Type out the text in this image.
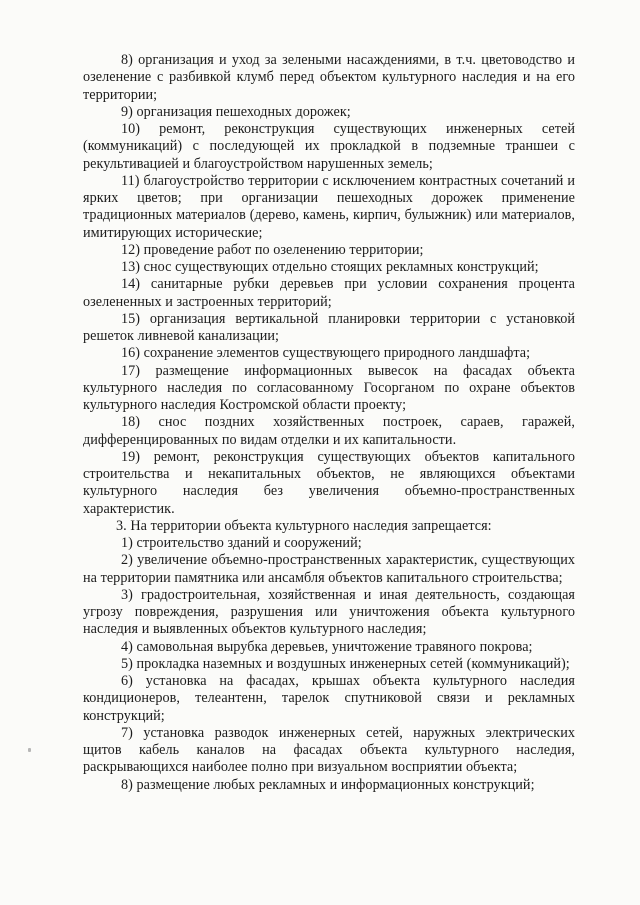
8) организация и уход за зелеными насаждениями, в т.ч. цветоводство и озеленение с разбивкой клумб перед объектом культурного наследия и на его территории;

9) организация пешеходных дорожек;

10) ремонт, реконструкция существующих инженерных сетей (коммуникаций) с последующей их прокладкой в подземные траншеи с рекультивацией и благоустройством нарушенных земель;

11) благоустройство территории с исключением контрастных сочетаний и ярких цветов; при организации пешеходных дорожек применение традиционных материалов (дерево, камень, кирпич, булыжник) или материалов, имитирующих исторические;

12) проведение работ по озеленению территории;

13) снос существующих отдельно стоящих рекламных конструкций;

14) санитарные рубки деревьев при условии сохранения процента озелененных и застроенных территорий;

15) организация вертикальной планировки территории с установкой решеток ливневой канализации;

16) сохранение элементов существующего природного ландшафта;

17) размещение информационных вывесок на фасадах объекта культурного наследия по согласованному Госорганом по охране объектов культурного наследия Костромской области проекту;

18) снос поздних хозяйственных построек, сараев, гаражей, дифференцированных по видам отделки и их капитальности.

19) ремонт, реконструкция существующих объектов капитального строительства и некапитальных объектов, не являющихся объектами культурного наследия без увеличения объемно-пространственных характеристик.

3. На территории объекта культурного наследия запрещается:

1) строительство зданий и сооружений;

2) увеличение объемно-пространственных характеристик, существующих на территории памятника или ансамбля объектов капитального строительства;

3) градостроительная, хозяйственная и иная деятельность, создающая угрозу повреждения, разрушения или уничтожения объекта культурного наследия и выявленных объектов культурного наследия;

4) самовольная вырубка деревьев, уничтожение травяного покрова;

5) прокладка наземных и воздушных инженерных сетей (коммуникаций);

6) установка на фасадах, крышах объекта культурного наследия кондиционеров, телеантенн, тарелок спутниковой связи и рекламных конструкций;

7) установка разводок инженерных сетей, наружных электрических щитов кабель каналов на фасадах объекта культурного наследия, раскрывающихся наиболее полно при визуальном восприятии объекта;

8) размещение любых рекламных и информационных конструкций;
